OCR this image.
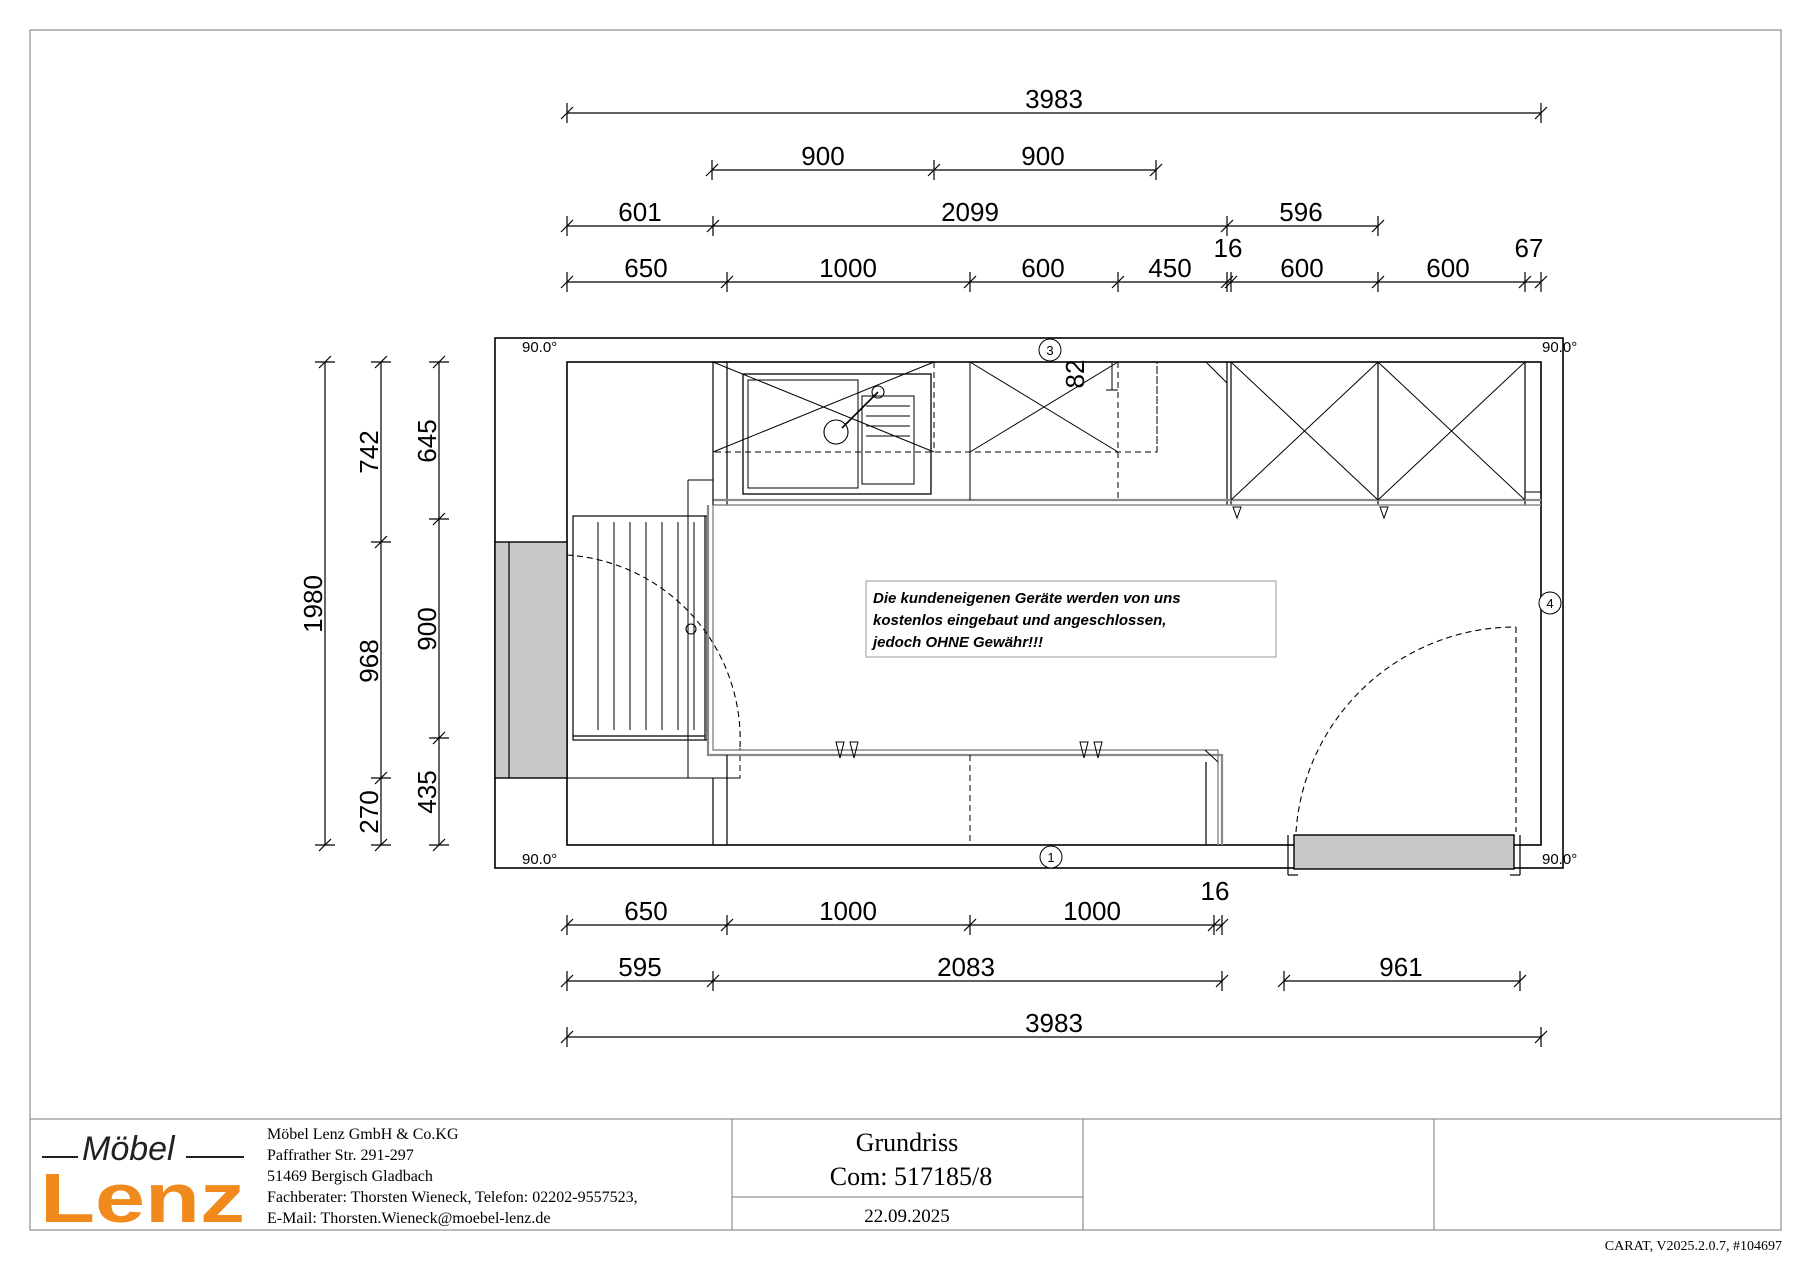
3983
900	900
601	2099	596
16	67
650	1000	600	450	600	600
1980
742
968
270
645
900
435
3
4
1
90.0°	90.0°
90.0°	90.0°
82
Die kundeneigenen Geräte werden von uns
kostenlos eingebaut und angeschlossen,
jedoch OHNE Gewähr!!!
650	1000	1000
16
595	2083	961
3983
Möbel
Lenz
Möbel Lenz GmbH & Co.KG
Paffrather Str. 291-297
51469 Bergisch Gladbach
Fachberater: Thorsten Wieneck, Telefon: 02202-9557523,
E-Mail: Thorsten.Wieneck@moebel-lenz.de
Grundriss
Com: 517185/8
22.09.2025
CARAT, V2025.2.0.7, #104697
